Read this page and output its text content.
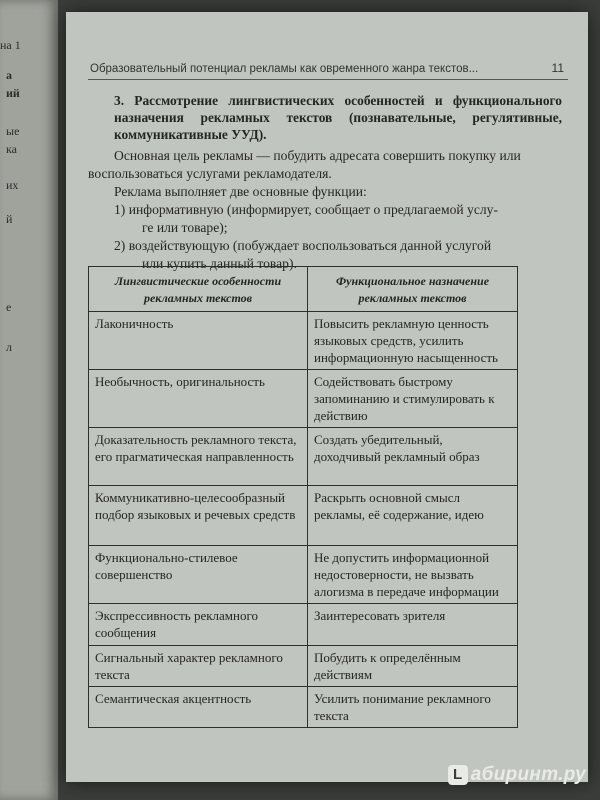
на 1
а
ий
ые
ка
их
й
е
л
Образовательный потенциал рекламы как овременного жанра текстов...	11
3. Рассмотрение лингвистических особенностей и функционального назначения рекламных текстов (познавательные, регулятивные, коммуникативные УУД).
Основная цель рекламы — побудить адресата совершить покупку или воспользоваться услугами рекламодателя.
Реклама выполняет две основные функции:
1) информативную (информирует, сообщает о предлагаемой услу-
ге или товаре);
2) воздействующую (побуждает воспользоваться данной услугой
или купить данный товар).
Лингвистические особенности рекламных текстов	Функциональное назначение рекламных текстов
Лаконичность	Повысить рекламную ценность языковых средств, усилить информационную насыщенность
Необычность, оригинальность	Содействовать быстрому запоминанию и стимулировать к действию
Доказательность рекламного текста, его прагматическая направленность	Создать убедительный, доходчивый рекламный образ
Коммуникативно-целесообразный подбор языковых и речевых средств	Раскрыть основной смысл рекламы, её содержание, идею
Функционально-стилевое совершенство	Не допустить информационной недостоверности, не вызвать алогизма в передаче информации
Экспрессивность рекламного сообщения	Заинтересовать зрителя
Сигнальный характер рекламного текста	Побудить к определённым действиям
Семантическая акцентность	Усилить понимание рекламного текста
L абиринт.ру
